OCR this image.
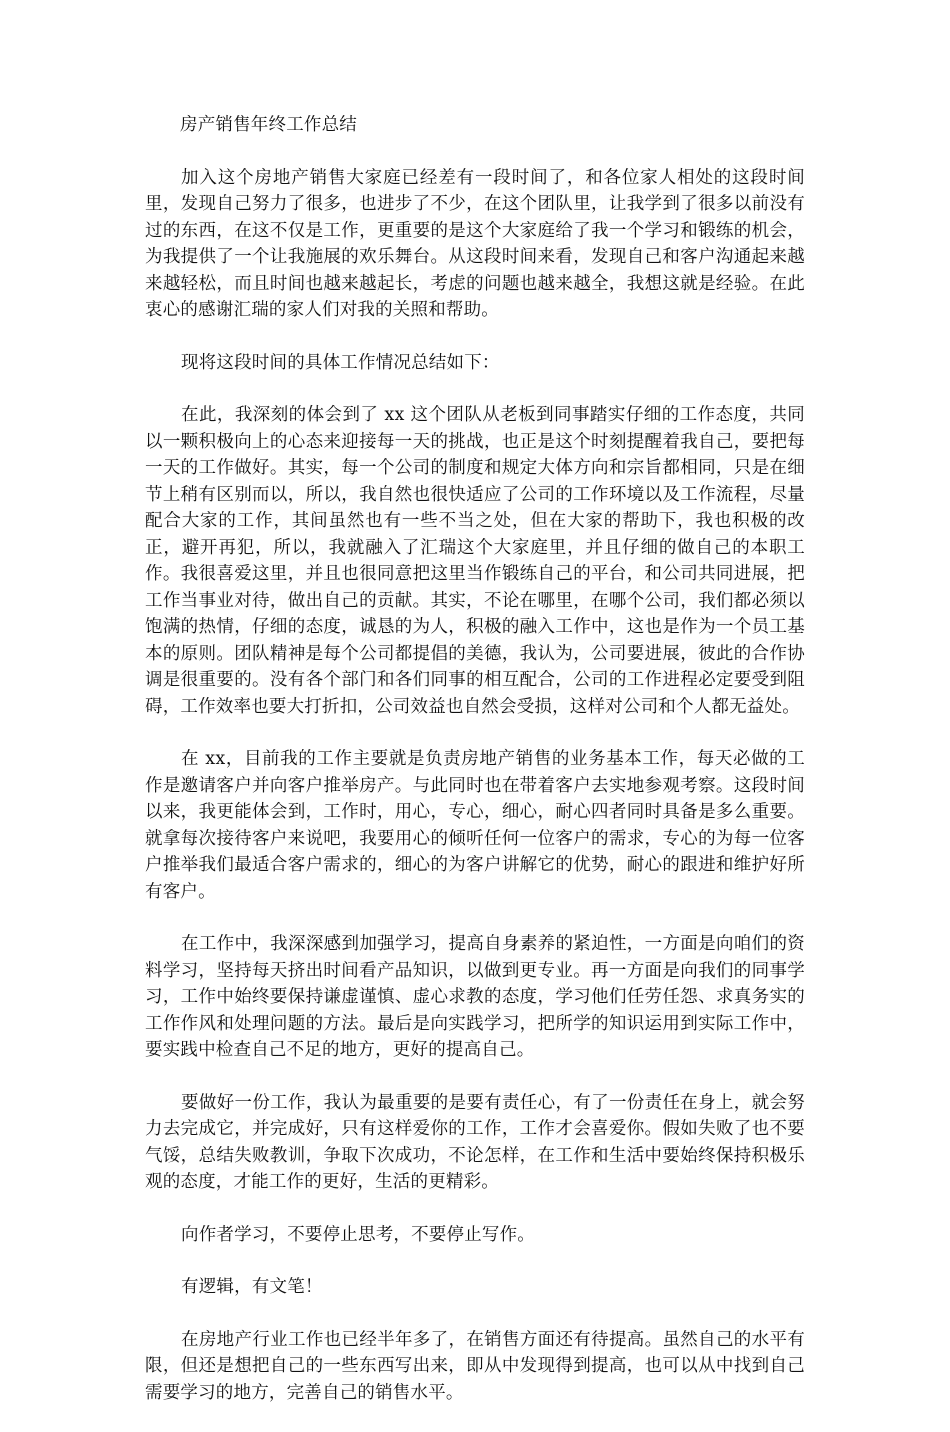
房产销售年终工作总结

加入这个房地产销售大家庭已经差有一段时间了，和各位家人相处的这段时间里，发现自己努力了很多，也进步了不少，在这个团队里，让我学到了很多以前没有过的东西，在这不仅是工作，更重要的是这个大家庭给了我一个学习和锻练的机会，为我提供了一个让我施展的欢乐舞台。从这段时间来看，发现自己和客户沟通起来越来越轻松，而且时间也越来越起长，考虑的问题也越来越全，我想这就是经验。在此衷心的感谢汇瑞的家人们对我的关照和帮助。

现将这段时间的具体工作情况总结如下：

在此，我深刻的体会到了 xx 这个团队从老板到同事踏实仔细的工作态度，共同以一颗积极向上的心态来迎接每一天的挑战，也正是这个时刻提醒着我自己，要把每一天的工作做好。其实，每一个公司的制度和规定大体方向和宗旨都相同，只是在细节上稍有区别而以，所以，我自然也很快适应了公司的工作环境以及工作流程，尽量配合大家的工作，其间虽然也有一些不当之处，但在大家的帮助下，我也积极的改正，避开再犯，所以，我就融入了汇瑞这个大家庭里，并且仔细的做自己的本职工作。我很喜爱这里，并且也很同意把这里当作锻练自己的平台，和公司共同进展，把工作当事业对待，做出自己的贡献。其实，不论在哪里，在哪个公司，我们都必须以饱满的热情，仔细的态度，诚恳的为人，积极的融入工作中，这也是作为一个员工基本的原则。团队精神是每个公司都提倡的美德，我认为，公司要进展，彼此的合作协调是很重要的。没有各个部门和各们同事的相互配合，公司的工作进程必定要受到阻碍，工作效率也要大打折扣，公司效益也自然会受损，这样对公司和个人都无益处。

在 xx，目前我的工作主要就是负责房地产销售的业务基本工作，每天必做的工作是邀请客户并向客户推举房产。与此同时也在带着客户去实地参观考察。这段时间以来，我更能体会到，工作时，用心，专心，细心，耐心四者同时具备是多么重要。就拿每次接待客户来说吧，我要用心的倾听任何一位客户的需求，专心的为每一位客户推举我们最适合客户需求的，细心的为客户讲解它的优势，耐心的跟进和维护好所有客户。

在工作中，我深深感到加强学习，提高自身素养的紧迫性，一方面是向咱们的资料学习，坚持每天挤出时间看产品知识，以做到更专业。再一方面是向我们的同事学习，工作中始终要保持谦虚谨慎、虚心求教的态度，学习他们任劳任怨、求真务实的工作作风和处理问题的方法。最后是向实践学习，把所学的知识运用到实际工作中，要实践中检查自己不足的地方，更好的提高自己。

要做好一份工作，我认为最重要的是要有责任心，有了一份责任在身上，就会努力去完成它，并完成好，只有这样爱你的工作，工作才会喜爱你。假如失败了也不要气馁，总结失败教训，争取下次成功，不论怎样，在工作和生活中要始终保持积极乐观的态度，才能工作的更好，生活的更精彩。

向作者学习，不要停止思考，不要停止写作。

有逻辑，有文笔！

在房地产行业工作也已经半年多了，在销售方面还有待提高。虽然自己的水平有限，但还是想把自己的一些东西写出来，即从中发现得到提高，也可以从中找到自己需要学习的地方，完善自己的销售水平。
